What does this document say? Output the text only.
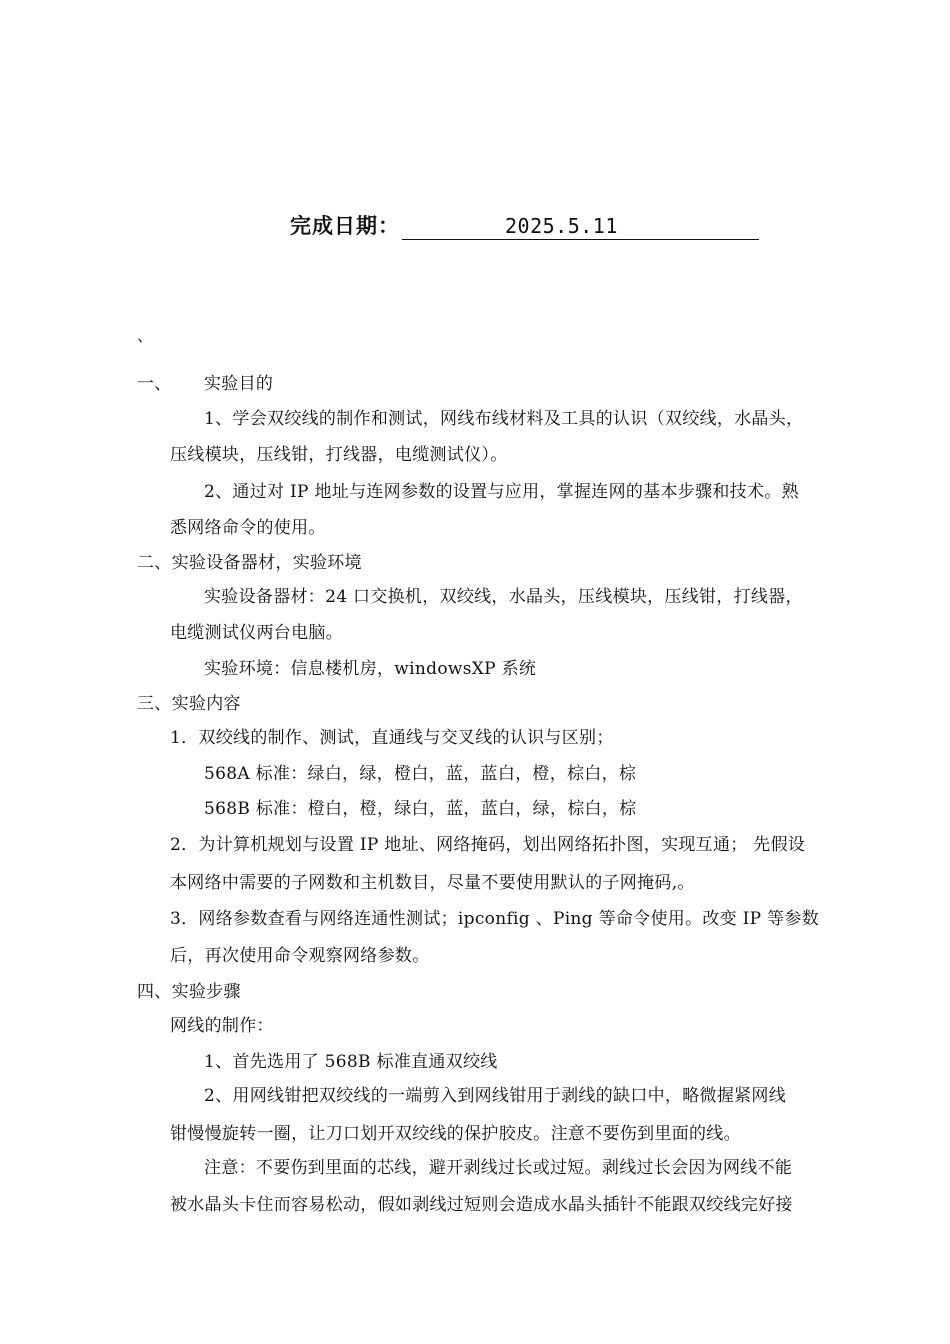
完成日期：	2025.5.11
、
一、 实验目的
1、学会双绞线的制作和测试，网线布线材料及工具的认识（双绞线，水晶头，
压线模块，压线钳，打线器，电缆测试仪）。
2、通过对 IP 地址与连网参数的设置与应用，掌握连网的基本步骤和技术。熟
悉网络命令的使用。
二、实验设备器材，实验环境
实验设备器材：24 口交换机，双绞线，水晶头，压线模块，压线钳，打线器，
电缆测试仪两台电脑。
实验环境：信息楼机房，windowsXP 系统
三、实验内容
1．双绞线的制作、测试，直通线与交叉线的认识与区别；
568A 标准：绿白，绿，橙白，蓝，蓝白，橙，棕白，棕
568B 标准：橙白，橙，绿白，蓝，蓝白，绿，棕白，棕
2．为计算机规划与设置 IP 地址、网络掩码，划出网络拓扑图，实现互通； 先假设
本网络中需要的子网数和主机数目，尽量不要使用默认的子网掩码,。
3．网络参数查看与网络连通性测试；ipconfig 、Ping 等命令使用。改变 IP 等参数
后，再次使用命令观察网络参数。
四、实验步骤
网线的制作：
1、首先选用了 568B 标准直通双绞线
2、用网线钳把双绞线的一端剪入到网线钳用于剥线的缺口中，略微握紧网线
钳慢慢旋转一圈，让刀口划开双绞线的保护胶皮。注意不要伤到里面的线。
注意：不要伤到里面的芯线，避开剥线过长或过短。剥线过长会因为网线不能
被水晶头卡住而容易松动，假如剥线过短则会造成水晶头插针不能跟双绞线完好接
